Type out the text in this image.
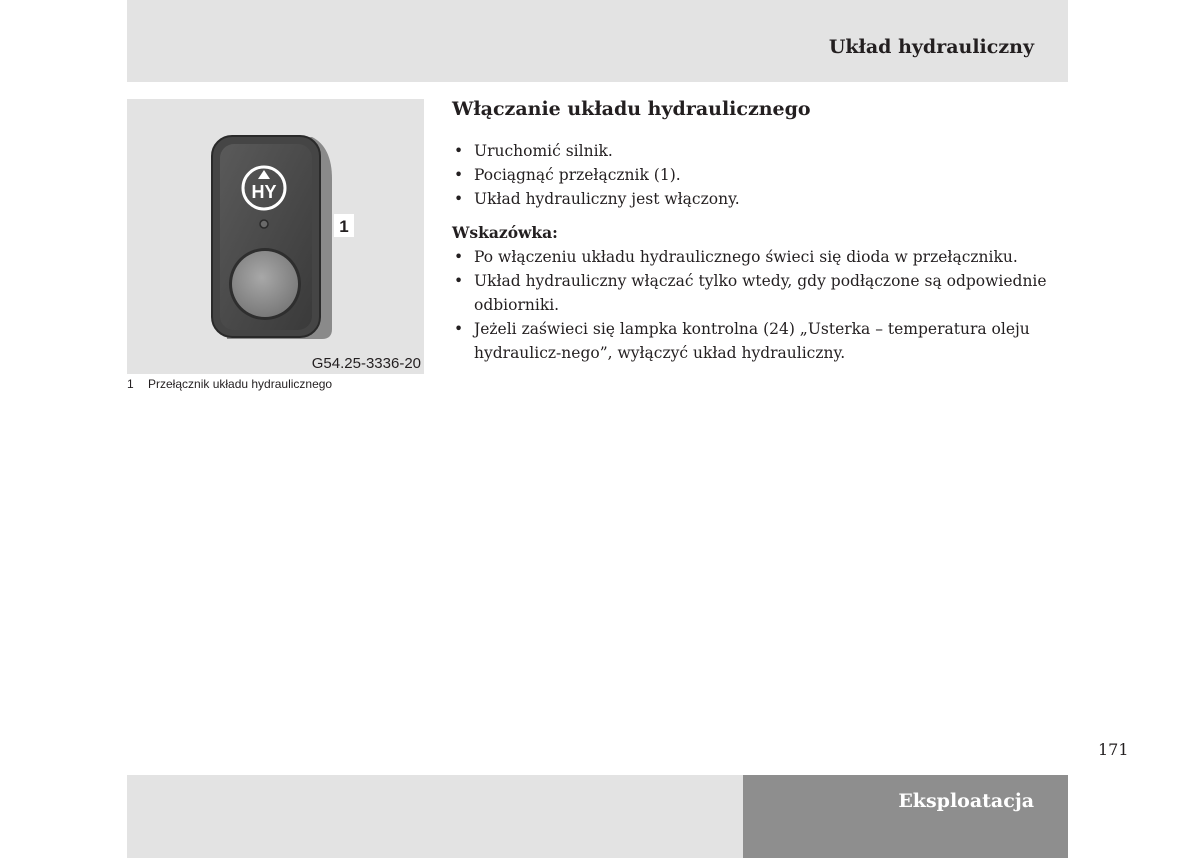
Układ hydrauliczny
HY
1
G54.25-3336-20
1 Przełącznik układu hydraulicznego
Włączanie układu hydraulicznego
• Uruchomić silnik.
• Pociągnąć przełącznik (1).
• Układ hydrauliczny jest włączony.
Wskazówka:
• Po włączeniu układu hydraulicznego świeci się dioda w przełączniku.
• Układ hydrauliczny włączać tylko wtedy, gdy podłączone są odpowiednie odbiorniki.
• Jeżeli zaświeci się lampka kontrolna (24) „Usterka – temperatura oleju hydraulicz-nego”, wyłączyć układ hydrauliczny.
171
Eksploatacja
